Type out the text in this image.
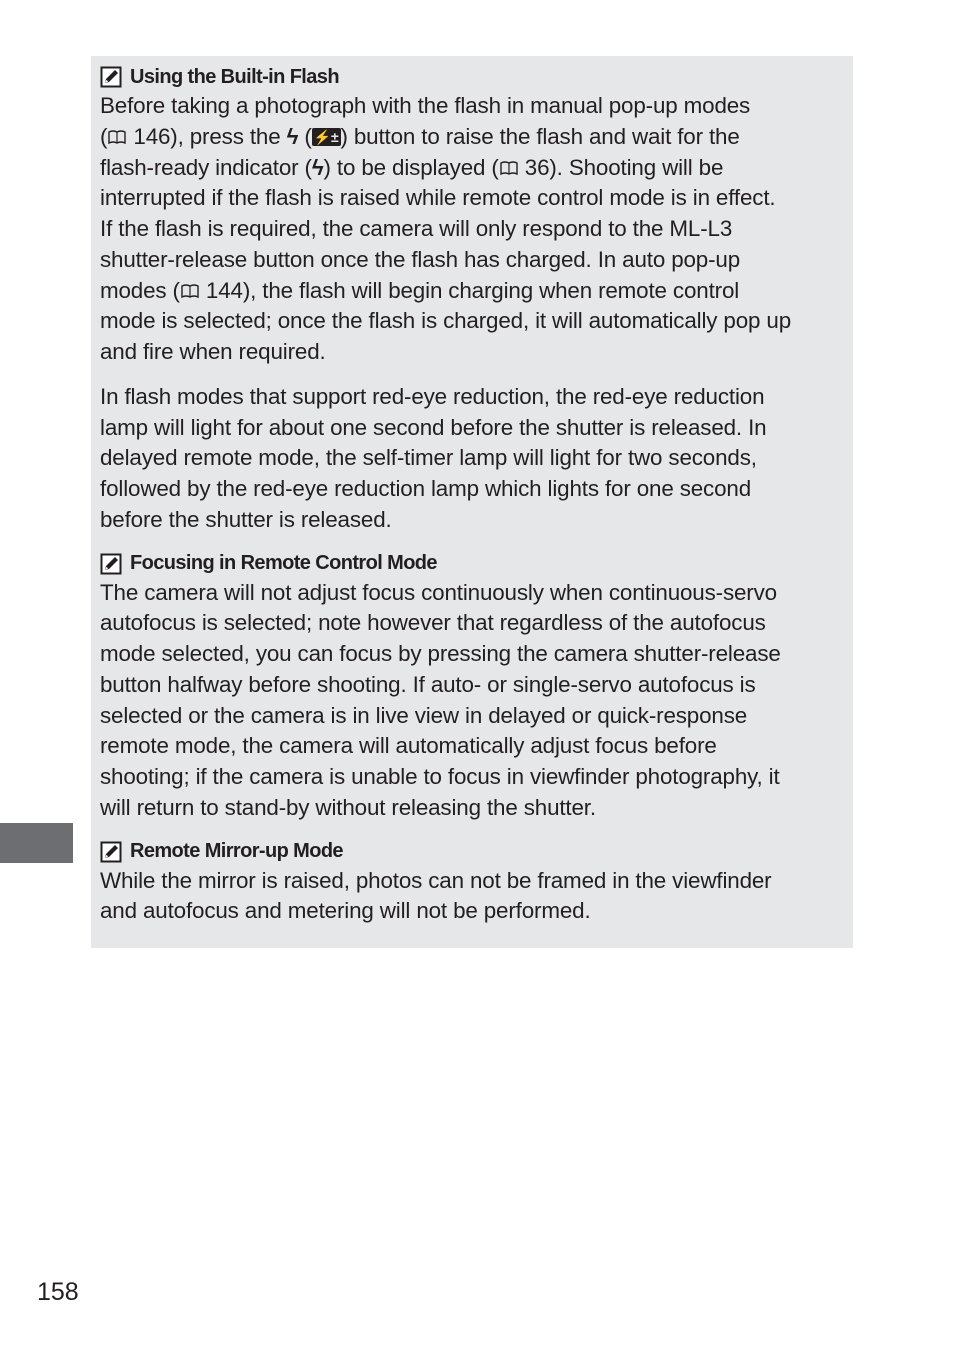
Using the Built-in Flash

Before taking a photograph with the flash in manual pop-up modes
( 146), press the ϟ ( ⚡±) button to raise the flash and wait for the
flash-ready indicator (ϟ) to be displayed ( 36). Shooting will be
interrupted if the flash is raised while remote control mode is in effect.
If the flash is required, the camera will only respond to the ML-L3
shutter-release button once the flash has charged. In auto pop-up
modes ( 144), the flash will begin charging when remote control
mode is selected; once the flash is charged, it will automatically pop up
and fire when required.

In flash modes that support red-eye reduction, the red-eye reduction
lamp will light for about one second before the shutter is released. In
delayed remote mode, the self-timer lamp will light for two seconds,
followed by the red-eye reduction lamp which lights for one second
before the shutter is released.

Focusing in Remote Control Mode

The camera will not adjust focus continuously when continuous-servo
autofocus is selected; note however that regardless of the autofocus
mode selected, you can focus by pressing the camera shutter-release
button halfway before shooting. If auto- or single-servo autofocus is
selected or the camera is in live view in delayed or quick-response
remote mode, the camera will automatically adjust focus before
shooting; if the camera is unable to focus in viewfinder photography, it
will return to stand-by without releasing the shutter.

Remote Mirror-up Mode

While the mirror is raised, photos can not be framed in the viewfinder
and autofocus and metering will not be performed.

158
